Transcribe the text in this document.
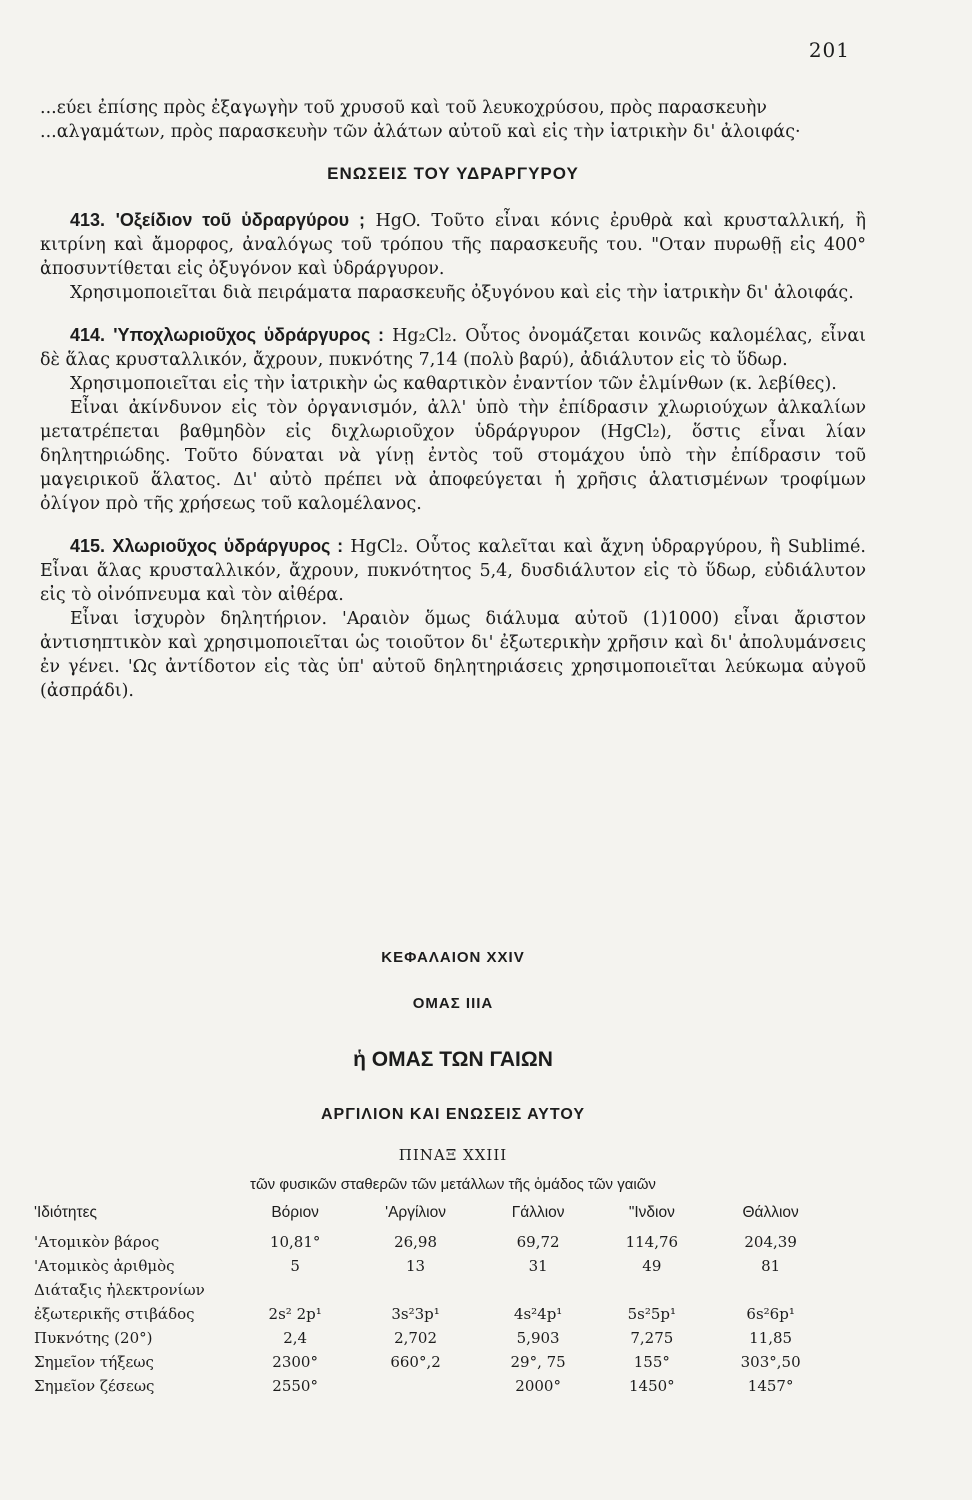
201

...εύει ἐπίσης πρὸς ἐξαγωγὴν τοῦ χρυσοῦ καὶ τοῦ λευκοχρύσου, πρὸς παρασκευὴν

...αλγαμάτων, πρὸς παρασκευὴν τῶν ἀλάτων αὐτοῦ καὶ εἰς τὴν ἰατρικὴν δι' ἀλοιφάς·

ΕΝΩΣΕΙΣ ΤΟΥ ΥΔΡΑΡΓΥΡΟΥ

413. 'Οξείδιον τοῦ ὑδραργύρου ; HgO. Τοῦτο εἶναι κόνις ἐρυθρὰ καὶ κρυσταλλική, ἢ κιτρίνη καὶ ἄμορφος, ἀναλόγως τοῦ τρόπου τῆς παρασκευῆς του. "Οταν πυρωθῇ εἰς 400° ἀποσυντίθεται εἰς ὀξυγόνον καὶ ὑδράργυρον.

Χρησιμοποιεῖται διὰ πειράματα παρασκευῆς ὀξυγόνου καὶ εἰς τὴν ἰατρικὴν δι' ἀλοιφάς.

414. 'Υποχλωριοῦχος ὑδράργυρος : Hg₂Cl₂. Οὗτος ὀνομάζεται κοινῶς καλομέλας, εἶναι δὲ ἅλας κρυσταλλικόν, ἄχρουν, πυκνότης 7,14 (πολὺ βαρύ), ἀδιάλυτον εἰς τὸ ὕδωρ.

Χρησιμοποιεῖται εἰς τὴν ἰατρικὴν ὡς καθαρτικὸν ἐναντίον τῶν ἑλμίνθων (κ. λεβίθες).

Εἶναι ἀκίνδυνον εἰς τὸν ὀργανισμόν, ἀλλ' ὑπὸ τὴν ἐπίδρασιν χλωριούχων ἀλκαλίων μετατρέπεται βαθμηδὸν εἰς διχλωριοῦχον ὑδράργυρον (HgCl₂), ὅστις εἶναι λίαν δηλητηριώδης. Τοῦτο δύναται νὰ γίνῃ ἐντὸς τοῦ στομάχου ὑπὸ τὴν ἐπίδρασιν τοῦ μαγειρικοῦ ἅλατος. Δι' αὐτὸ πρέπει νὰ ἀποφεύγεται ἡ χρῆσις ἁλατισμένων τροφίμων ὀλίγον πρὸ τῆς χρήσεως τοῦ καλομέλανος.

415. Χλωριοῦχος ὑδράργυρος : HgCl₂. Οὗτος καλεῖται καὶ ἄχνη ὑδραργύρου, ἢ Sublimé. Εἶναι ἅλας κρυσταλλικόν, ἄχρουν, πυκνότητος 5,4, δυσδιάλυτον εἰς τὸ ὕδωρ, εὐδιάλυτον εἰς τὸ οἰνόπνευμα καὶ τὸν αἰθέρα.

Εἶναι ἰσχυρὸν δηλητήριον. 'Αραιὸν ὅμως διάλυμα αὐτοῦ (1)1000) εἶναι ἄριστον ἀντισηπτικὸν καὶ χρησιμοποιεῖται ὡς τοιοῦτον δι' ἐξωτερικὴν χρῆσιν καὶ δι' ἀπολυμάνσεις ἐν γένει. 'Ως ἀντίδοτον εἰς τὰς ὑπ' αὐτοῦ δηλητηριάσεις χρησιμοποιεῖται λεύκωμα αὐγοῦ (ἀσπράδι).

ΚΕΦΑΛΑΙΟΝ XXIV
ΟΜΑΣ IIIA
ἡ ΟΜΑΣ ΤΩΝ ΓΑΙΩΝ
ΑΡΓΙΛΙΟΝ ΚΑΙ ΕΝΩΣΕΙΣ ΑΥΤΟΥ
ΠΙΝΑΞ XXIII
τῶν φυσικῶν σταθερῶν τῶν μετάλλων τῆς ὁμάδος τῶν γαιῶν
'Ιδιότητες	Βόριον	'Αργίλιον	Γάλλιον	"Ινδιον	Θάλλιον
'Ατομικὸν βάρος	10,81°	26,98	69,72	114,76	204,39
'Ατομικὸς ἀριθμὸς	5	13	31	49	81
Διάταξις ἠλεκτρονίων					
ἐξωτερικῆς στιβάδος	2s² 2p¹	3s²3p¹	4s²4p¹	5s²5p¹	6s²6p¹
Πυκνότης (20°)	2,4	2,702	5,903	7,275	11,85
Σημεῖον τήξεως	2300°	660°,2	29°, 75	155°	303°,50
Σημεῖον ζέσεως	2550°		2000°	1450°	1457°
